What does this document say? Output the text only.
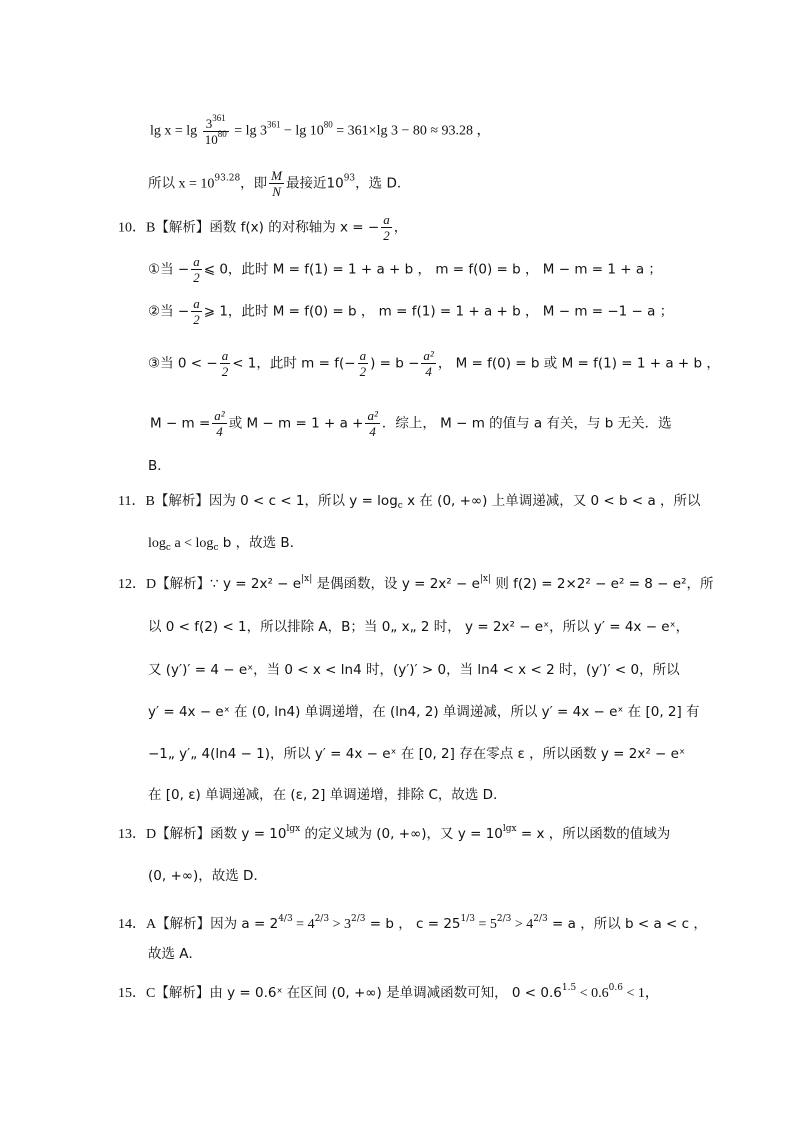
$\lg x = \lg \frac{3^{361}}{10^{80}} = \lg 3^{361} - \lg 10^{80} = 361\times\lg$ 3 − 80 ≈ 93.28 ，
所以 $x = 10^{93.28}$，即 $\frac{M}{N}$ 最接近$10^{93}$，选 D．
10．B【解析】函数 f(x) 的对称轴为 x = − $\frac{a}{2}$ ，
①当 − $\frac{a}{2}$ ⩽ 0，此时 M = f(1) = 1 + a + b ， m = f(0) = b ， M − m = 1 + a ；
②当 − $\frac{a}{2}$ ⩾ 1，此时 M = f(0) = b ， m = f(1) = 1 + a + b ， M − m = −1 − a ；
③当 0 < − $\frac{a}{2} < 1$，此时 $m = f(- \frac{a}{2}$ ) = $b - \frac{\text{a²}}{4}$ ， M = f(0) = b 或 M = f(1) = 1 + a + b ，
$M - m = \frac{\text{a²}}{4}$ 或 $M - m = 1 + a + \frac{\text{a²}}{4}$ ．综上， M − m 的值与 a 有关，与 b 无关．选
B．
11．B【解析】因为 0 < c < 1，所以 $y = \log_c x$ 在 (0, +∞) 上单调递减，又 0 < b < a ，所以
$\log_c a < \log_c b$ ，故选 B．
12．D【解析】∵ $y = 2x^2 - e^{|x|}$ 是偶函数，设 $y = 2x^2 - e^{|x|}$ 则 f(2) = 2×2² − e² = 8 − e²，所
以 0 < f(2) < 1，所以排除 A，B；当 0„ x„ 2 时， y = 2x² − eˣ，所以 y′ = 4x − eˣ，
又 (y′)′ = 4 − eˣ，当 0 < x < ln4 时，(y′)′ > 0，当 ln4 < x < 2 时，(y′)′ < 0，所以
y′ = 4x − eˣ 在 (0, ln4) 单调递增，在 (ln4, 2) 单调递减，所以 y′ = 4x − eˣ 在 [0, 2] 有
−1„ y′„ 4(ln4 − 1)，所以 y′ = 4x − eˣ 在 [0, 2] 存在零点 ε ，所以函数 y = 2x² − eˣ
在 [0, ε) 单调递减，在 (ε, 2] 单调递增，排除 C，故选 D．
13．D【解析】函数 $y = 10^{lgx}$ 的定义域为 (0, +∞)，又 $y = 10^{lgx} = x$ ，所以函数的值域为
(0, +∞)，故选 D．
14．A【解析】因为 $a = 2^{4/3} = 4^{2/3} > 3^{2/3} = b$ ， $c = 25^{1/3} = 5^{2/3} > 4^{2/3} = a$ ，所以 b < a < c ，
故选 A．
15．C【解析】由 y = 0.6ˣ 在区间 (0, +∞) 是单调减函数可知， $0 < 0.6^{1.5} < 0.6^{0.6} < 1$，
